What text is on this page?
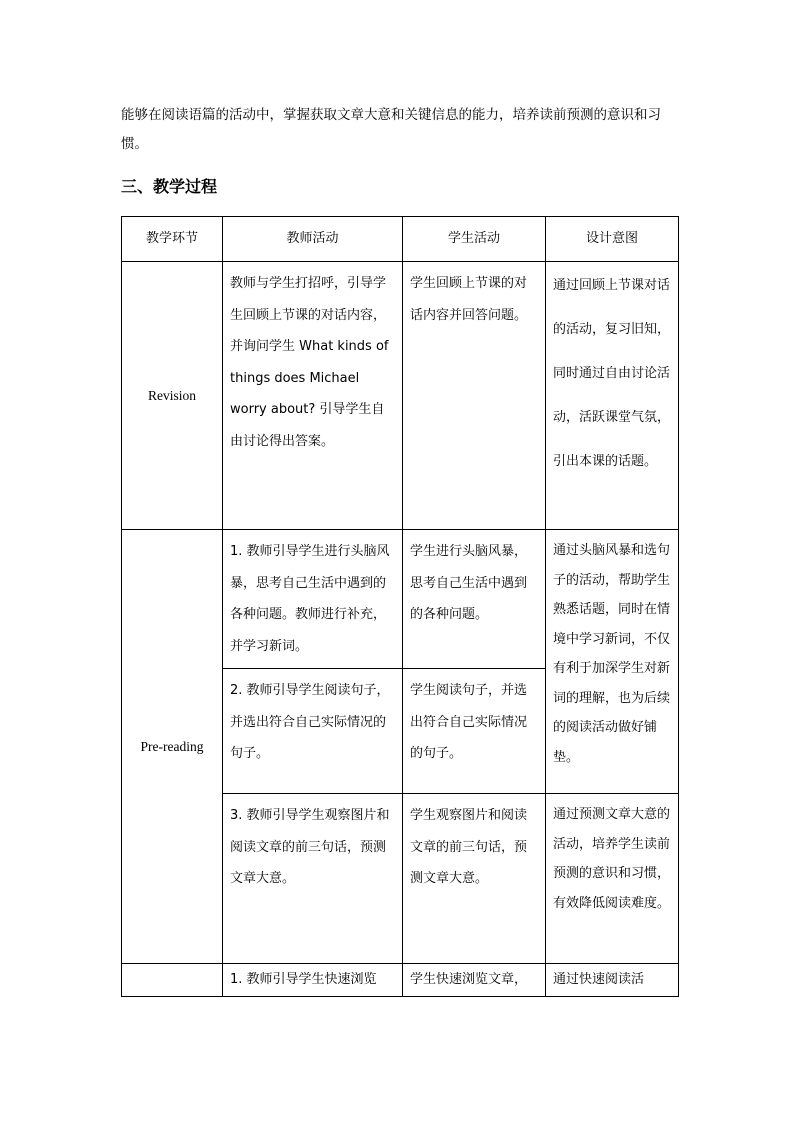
能够在阅读语篇的活动中，掌握获取文章大意和关键信息的能力，培养读前预测的意识和习惯。

三、教学过程
教学环节	教师活动	学生活动	设计意图
Revision	教师与学生打招呼，引导学生回顾上节课的对话内容，并询问学生 What kinds of things does Michael worry about? 引导学生自由讨论得出答案。	学生回顾上节课的对话内容并回答问题。	通过回顾上节课对话的活动，复习旧知，同时通过自由讨论活动，活跃课堂气氛，引出本课的话题。
Pre-reading	1. 教师引导学生进行头脑风暴，思考自己生活中遇到的各种问题。教师进行补充，并学习新词。	学生进行头脑风暴，思考自己生活中遇到的各种问题。	通过头脑风暴和选句子的活动，帮助学生熟悉话题，同时在情境中学习新词，不仅有利于加深学生对新词的理解，也为后续的阅读活动做好铺垫。
	2. 教师引导学生阅读句子，并选出符合自己实际情况的句子。	学生阅读句子，并选出符合自己实际情况的句子。	
	3. 教师引导学生观察图片和阅读文章的前三句话，预测文章大意。	学生观察图片和阅读文章的前三句话，预测文章大意。	通过预测文章大意的活动，培养学生读前预测的意识和习惯，有效降低阅读难度。
	1. 教师引导学生快速浏览	学生快速浏览文章，	通过快速阅读活
